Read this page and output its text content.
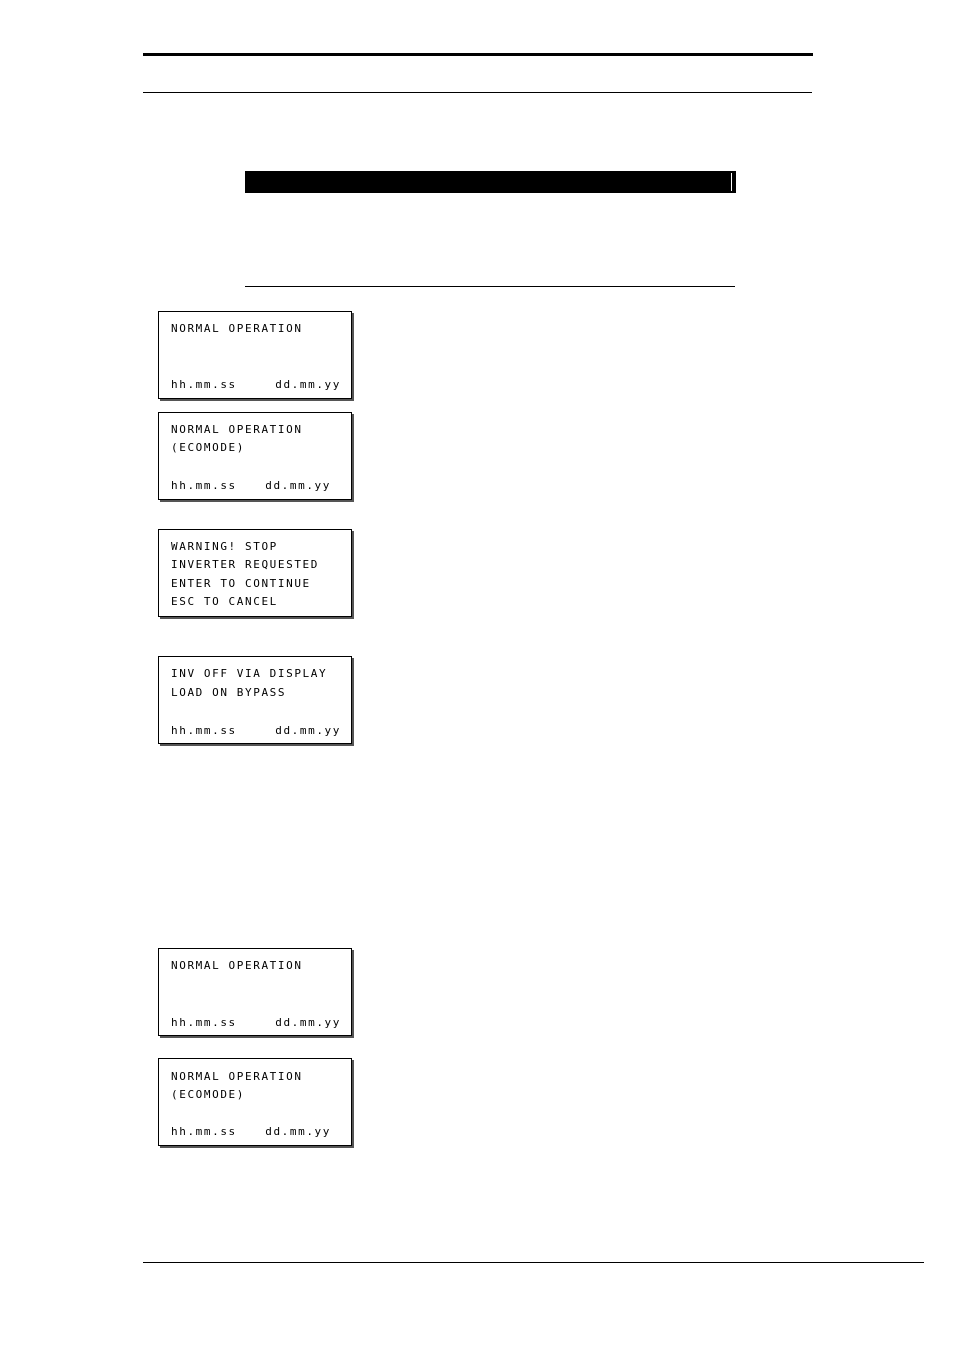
NORMAL OPERATION
hh.mm.ss	dd.mm.yy
NORMAL OPERATION
(ECOMODE)
hh.mm.ss	dd.mm.yy
WARNING! STOP
INVERTER REQUESTED
ENTER TO CONTINUE
ESC TO CANCEL
INV OFF VIA DISPLAY
LOAD ON BYPASS
hh.mm.ss	dd.mm.yy
NORMAL OPERATION
hh.mm.ss	dd.mm.yy
NORMAL OPERATION
(ECOMODE)
hh.mm.ss	dd.mm.yy
